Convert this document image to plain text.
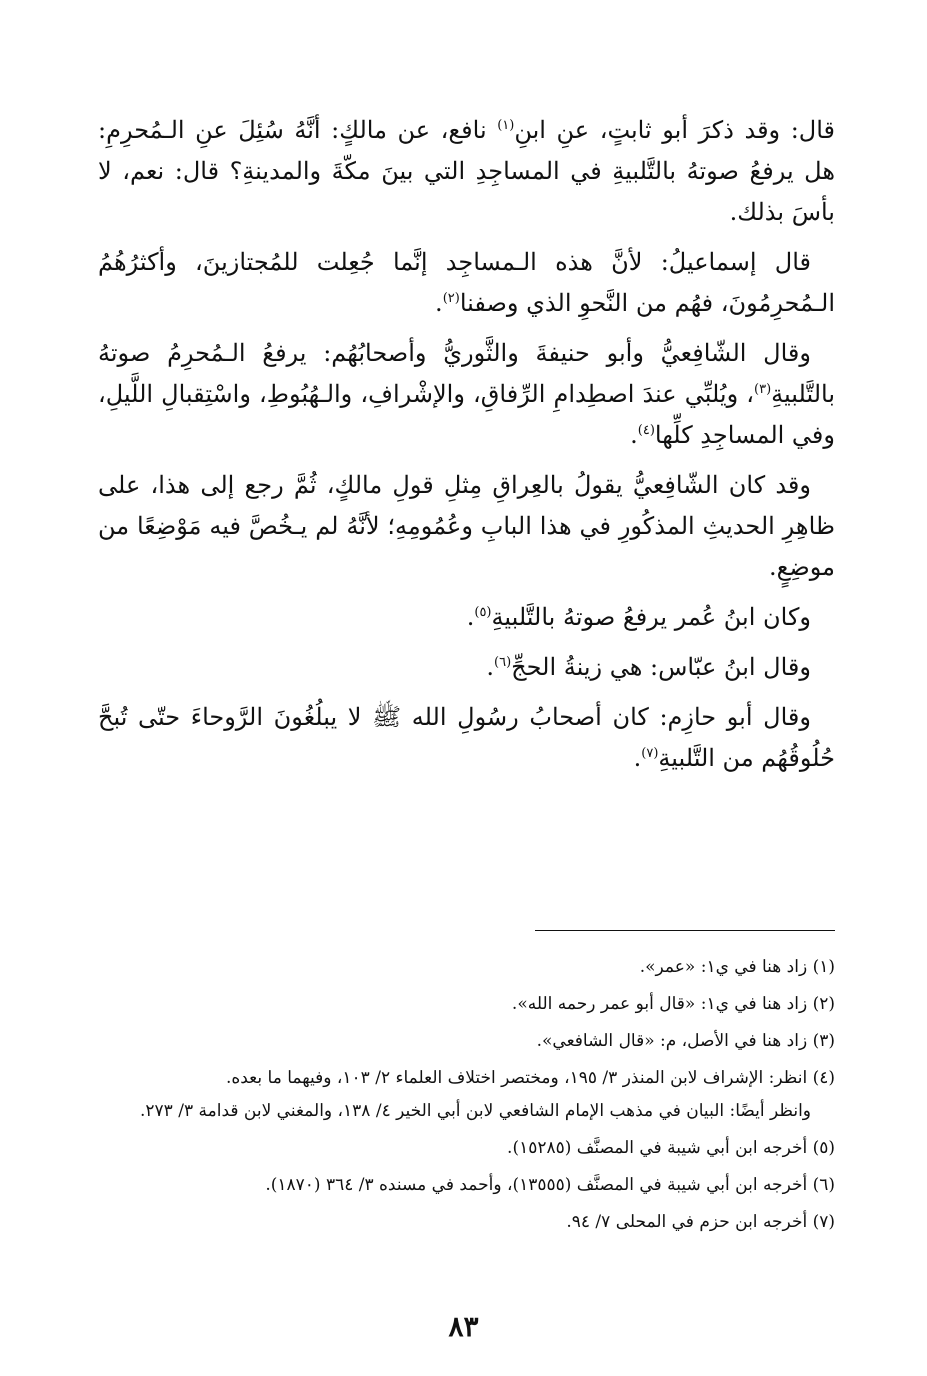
قال: وقد ذكرَ أبو ثابتٍ، عنِ ابنِ$^{(١)}$ نافع، عن مالكٍ: أنَّهُ سُئِلَ عنِ الـمُحرِمِ: هل يرفعُ صوتهُ بالتَّلبيةِ في المساجِدِ التي بينَ مكّةَ والمدينةِ؟ قال: نعم، لا بأسَ بذلك.

قال إسماعيلُ: لأنَّ هذه الـمساجِد إنَّما جُعِلت للمُجتازينَ، وأكثرُهُمُ الـمُحرِمُونَ، فهُم من النَّحوِ الذي وصفنا$^{(٢)}$.

وقال الشّافِعيُّ وأبو حنيفةَ والثَّوريُّ وأصحابُهُم: يرفعُ الـمُحرِمُ صوتهُ بالتَّلبيةِ$^{(٣)}$، ويُلبِّي عندَ اصطِدامِ الرِّفاقِ، والإشْرافِ، والـهُبُوطِ، واسْتِقبالِ اللَّيلِ، وفي المساجِدِ كلِّها$^{(٤)}$.

وقد كان الشّافِعيُّ يقولُ بالعِراقِ مِثلِ قولِ مالكٍ، ثُمَّ رجع إلى هذا، على ظاهِرِ الحديثِ المذكُورِ في هذا البابِ وعُمُومِهِ؛ لأنَّهُ لم يـخُصَّ فيه مَوْضِعًا من موضِعٍ.

وكان ابنُ عُمر يرفعُ صوتهُ بالتَّلبيةِ$^{(٥)}$.

وقال ابنُ عبّاس: هي زينةُ الحجِّ$^{(٦)}$.

وقال أبو حازِم: كان أصحابُ رسُولِ الله ﷺ لا يبلُغُونَ الرَّوحاءَ حتّى تُبحَّ حُلُوقُهُم من التَّلبيةِ$^{(٧)}$.

(١) زاد هنا في ي١: «عمر».
(٢) زاد هنا في ي١: «قال أبو عمر رحمه الله».
(٣) زاد هنا في الأصل، م: «قال الشافعي».
(٤) انظر: الإشراف لابن المنذر ٣/ ١٩٥، ومختصر اختلاف العلماء ٢/ ١٠٣، وفيهما ما بعده.
وانظر أيضًا: البيان في مذهب الإمام الشافعي لابن أبي الخير ٤/ ١٣٨، والمغني لابن قدامة ٣/ ٢٧٣.
(٥) أخرجه ابن أبي شيبة في المصنَّف (١٥٢٨٥).
(٦) أخرجه ابن أبي شيبة في المصنَّف (١٣٥٥٥)، وأحمد في مسنده ٣/ ٣٦٤ (١٨٧٠).
(٧) أخرجه ابن حزم في المحلى ٧/ ٩٤.
٨٣
